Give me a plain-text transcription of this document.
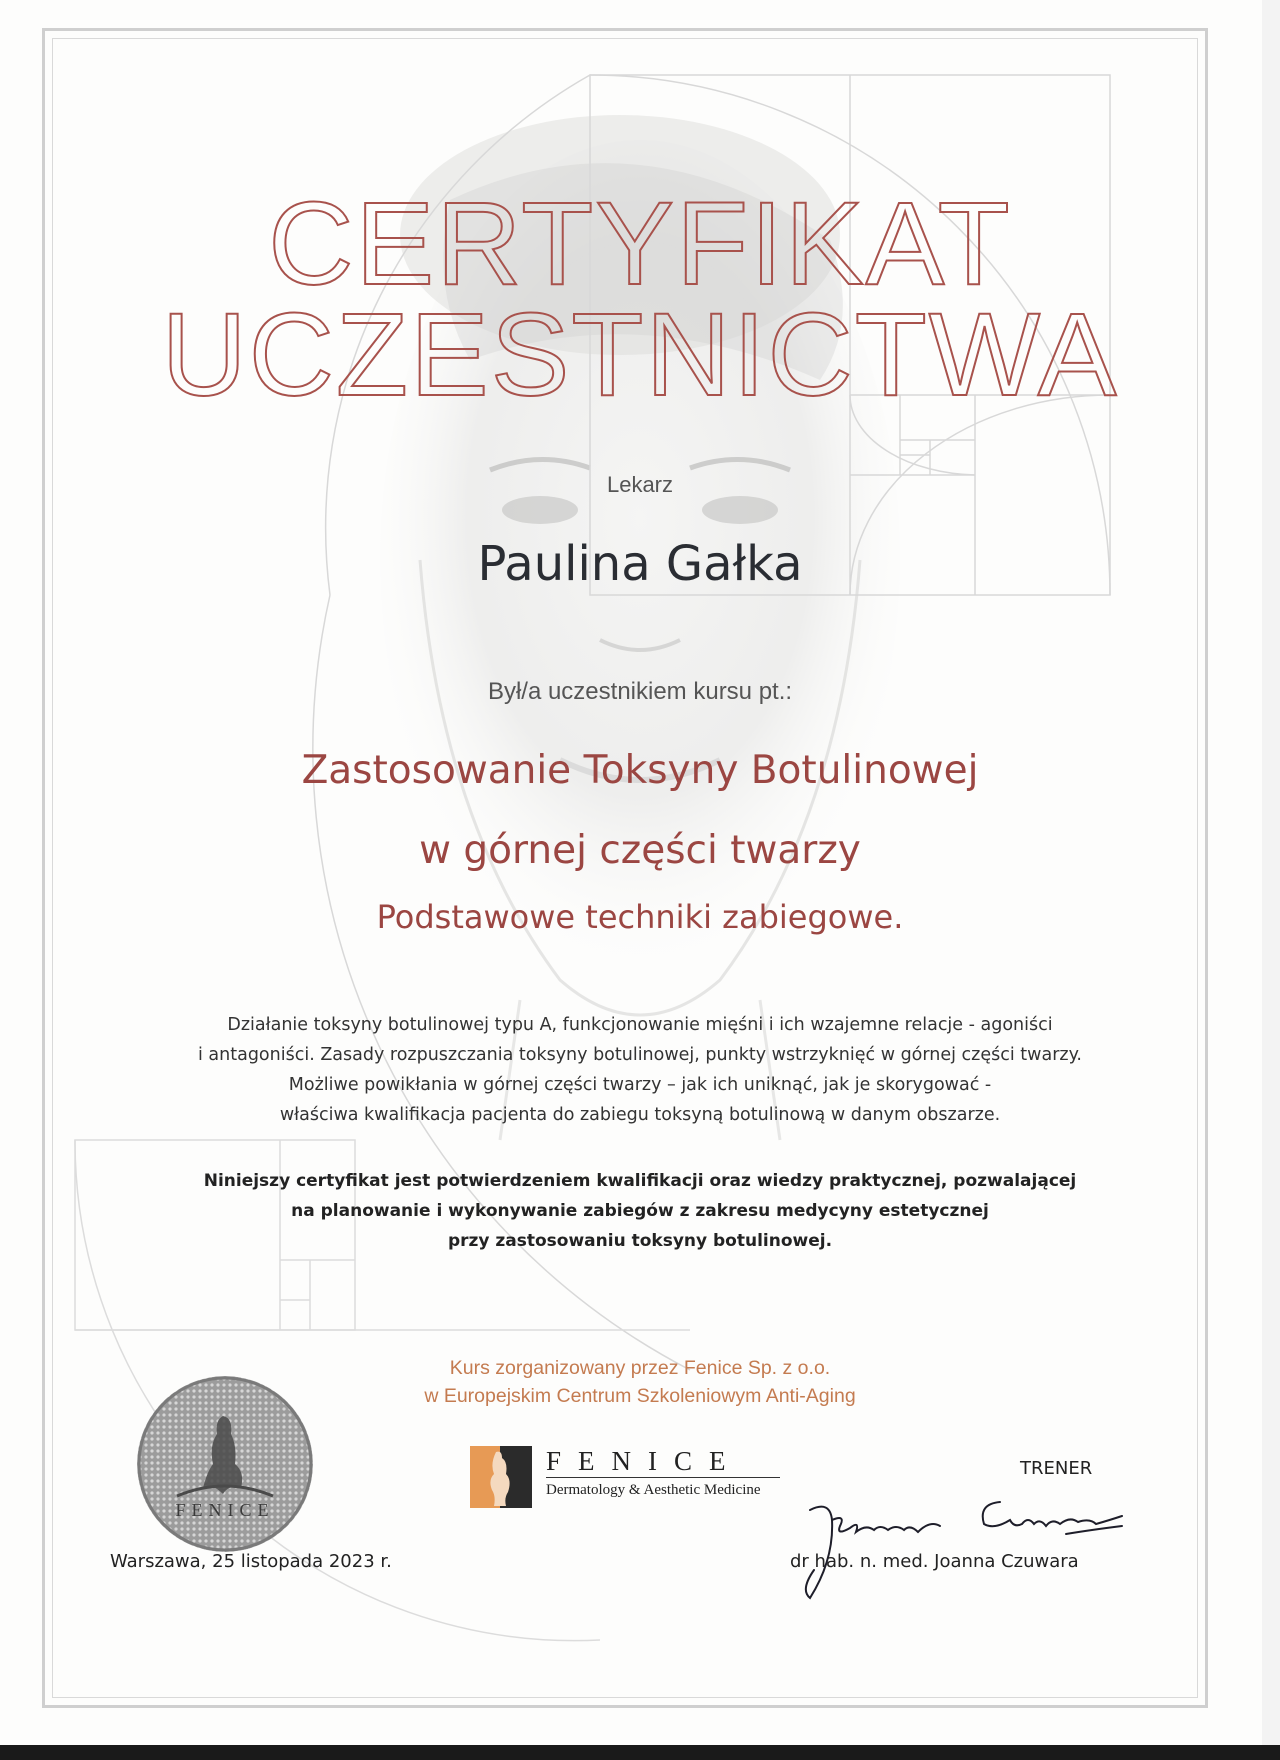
CERTYFIKAT
UCZESTNICTWA
Lekarz
Paulina Gałka
Był/a uczestnikiem kursu pt.:
Zastosowanie Toksyny Botulinowej
w górnej części twarzy
Podstawowe techniki zabiegowe.
Działanie toksyny botulinowej typu A, funkcjonowanie mięśni i ich wzajemne relacje - agoniści
i antagoniści. Zasady rozpuszczania toksyny botulinowej, punkty wstrzyknięć w górnej części twarzy.
Możliwe powikłania w górnej części twarzy – jak ich uniknąć, jak je skorygować -
właściwa kwalifikacja pacjenta do zabiegu toksyną botulinową w danym obszarze.
Niniejszy certyfikat jest potwierdzeniem kwalifikacji oraz wiedzy praktycznej, pozwalającej
na planowanie i wykonywanie zabiegów z zakresu medycyny estetycznej
przy zastosowaniu toksyny botulinowej.
Kurs zorganizowany przez Fenice Sp. z o.o.
w Europejskim Centrum Szkoleniowym Anti-Aging
FENICE
FENICE
Dermatology & Aesthetic Medicine
TRENER
dr hab. n. med. Joanna Czuwara
Warszawa, 25 listopada 2023 r.
